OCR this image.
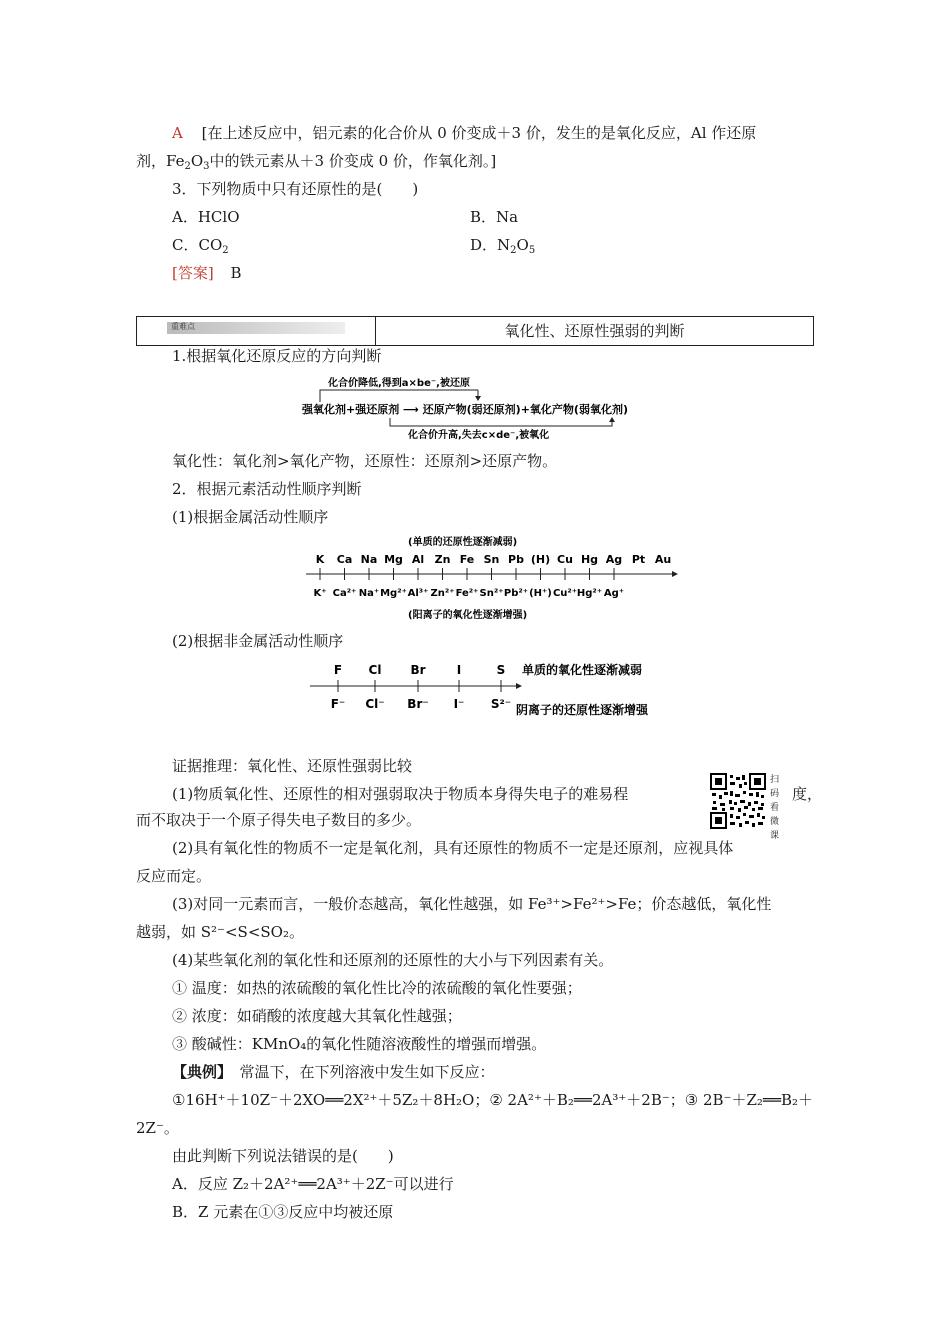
A [在上述反应中，铝元素的化合价从 0 价变成＋3 价，发生的是氧化反应，Al 作还原
剂，$Fe_2O_3$中的铁元素从＋3 价变成 0 价，作氧化剂。]
3．下列物质中只有还原性的是(　　)
A．HClO	B．Na
C．$CO_2$	D．$N_2O_5$
[答案] B
重难点	氧化性、还原性强弱的判断
1.根据氧化还原反应的方向判断
化合价降低,得到a×be⁻,被还原
强氧化剂+强还原剂 ⟶ 还原产物(弱还原剂)+氧化产物(弱氧化剂)
化合价升高,失去c×de⁻,被氧化
氧化性：氧化剂>氧化产物，还原性：还原剂>还原产物。
2．根据元素活动性顺序判断
(1)根据金属活动性顺序
(单质的还原性逐渐减弱)
K Ca Na Mg Al Zn Fe Sn Pb (H) Cu Hg Ag Pt Au
K⁺ Ca²⁺ Na⁺ Mg²⁺ Al³⁺ Zn²⁺ Fe²⁺ Sn²⁺ Pb²⁺ (H⁺) Cu²⁺ Hg²⁺ Ag⁺
(阳离子的氧化性逐渐增强)
(2)根据非金属活动性顺序
F Cl Br	I	S 单质的氧化性逐渐减弱
F⁻ Cl⁻ Br⁻ I⁻ S²⁻ 阴离子的还原性逐渐增强
证据推理：氧化性、还原性强弱比较
(1)物质氧化性、还原性的相对强弱取决于物质本身得失电子的难易程	度，
而不取决于一个原子得失电子数目的多少。
扫码看微课
(2)具有氧化性的物质不一定是氧化剂，具有还原性的物质不一定是还原剂，应视具体
反应而定。
(3)对同一元素而言，一般价态越高，氧化性越强，如 Fe³⁺>Fe²⁺>Fe；价态越低，氧化性
越弱，如 S²⁻<S<SO₂。
(4)某些氧化剂的氧化性和还原剂的还原性的大小与下列因素有关。
① 温度：如热的浓硫酸的氧化性比冷的浓硫酸的氧化性要强；
② 浓度：如硝酸的浓度越大其氧化性越强；
③ 酸碱性：KMnO₄的氧化性随溶液酸性的增强而增强。
【典例】　常温下，在下列溶液中发生如下反应：
①16H⁺＋10Z⁻＋2XO══2X²⁺＋5Z₂＋8H₂O；② 2A²⁺＋B₂══2A³⁺＋2B⁻；③ 2B⁻＋Z₂══B₂＋
2Z⁻。
由此判断下列说法错误的是(　　)
A．反应 Z₂＋2A²⁺══2A³⁺＋2Z⁻可以进行
B．Z 元素在①③反应中均被还原
